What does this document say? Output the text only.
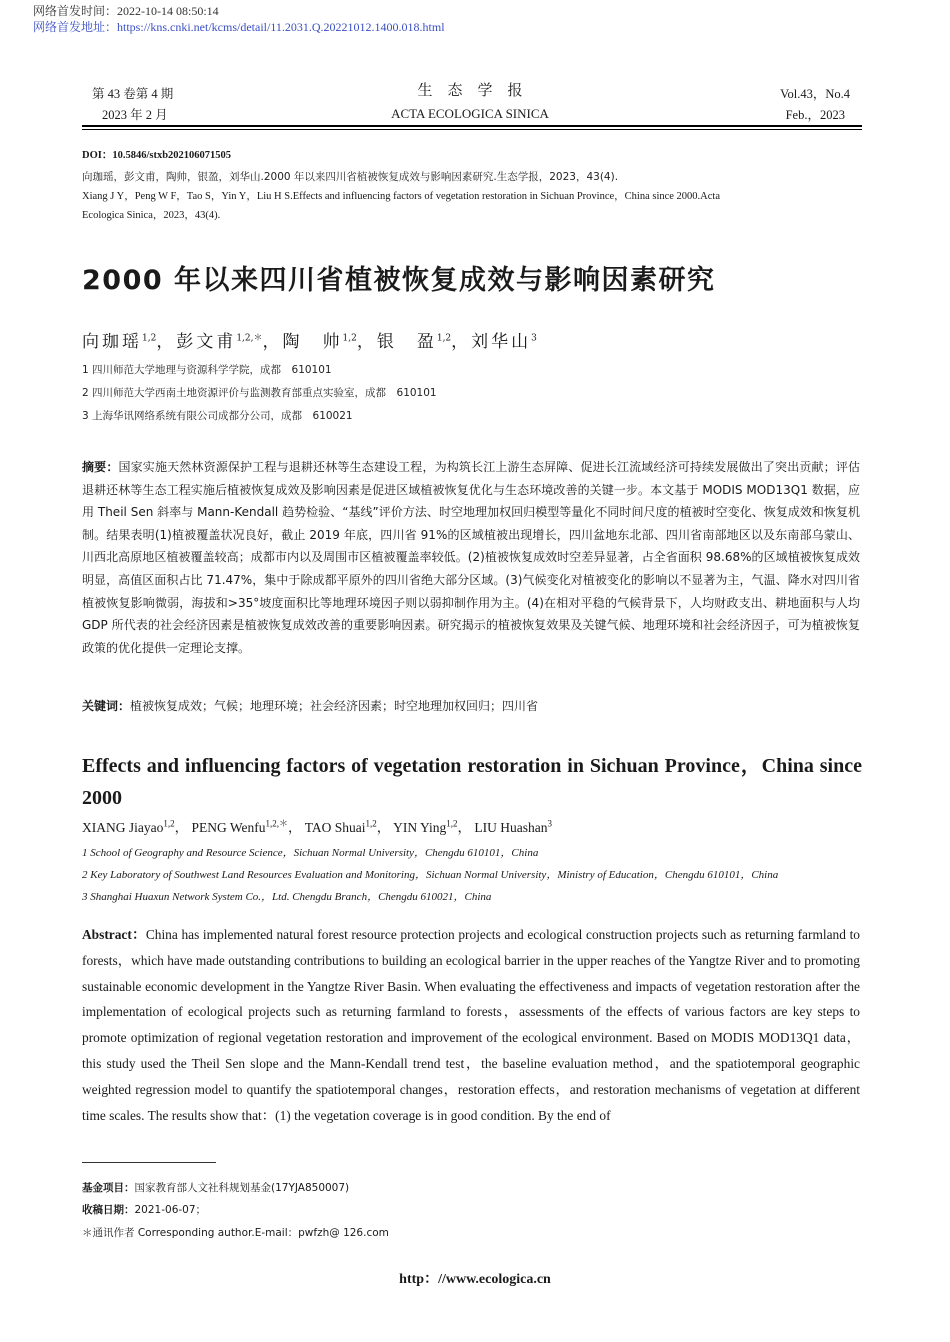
网络首发时间：2022-10-14 08:50:14
网络首发地址：https://kns.cnki.net/kcms/detail/11.2031.Q.20221012.1400.018.html
第 43 卷第 4 期
2023 年 2 月
生　态　学　报
ACTA ECOLOGICA SINICA
Vol.43，No.4
Feb.，2023
DOI：10.5846/stxb202106071505
向珈瑶，彭文甫，陶帅，银盈，刘华山.2000 年以来四川省植被恢复成效与影响因素研究.生态学报，2023，43(4).
Xiang J Y，Peng W F，Tao S，Yin Y，Liu H S.Effects and influencing factors of vegetation restoration in Sichuan Province，China since 2000.Acta
Ecologica Sinica，2023，43(4).
2000 年以来四川省植被恢复成效与影响因素研究
向珈瑶$^{1,2}$，彭文甫$^{1,2,*}$，陶　帅$^{1,2}$，银　盈$^{1,2}$，刘华山$^3$
1 四川师范大学地理与资源科学学院，成都　610101
2 四川师范大学西南土地资源评价与监测教育部重点实验室，成都　610101
3 上海华讯网络系统有限公司成都分公司，成都　610021
摘要：国家实施天然林资源保护工程与退耕还林等生态建设工程，为构筑长江上游生态屏障、促进长江流域经济可持续发展做出了突出贡献；评估退耕还林等生态工程实施后植被恢复成效及影响因素是促进区域植被恢复优化与生态环境改善的关键一步。本文基于 MODIS MOD13Q1 数据，应用 Theil Sen 斜率与 Mann-Kendall 趋势检验、“基线”评价方法、时空地理加权回归模型等量化不同时间尺度的植被时空变化、恢复成效和恢复机制。结果表明(1)植被覆盖状况良好，截止 2019 年底，四川省 91%的区域植被出现增长，四川盆地东北部、四川省南部地区以及东南部乌蒙山、川西北高原地区植被覆盖较高；成都市内以及周围市区植被覆盖率较低。(2)植被恢复成效时空差异显著，占全省面积 98.68%的区域植被恢复成效明显，高值区面积占比 71.47%，集中于除成都平原外的四川省绝大部分区域。(3)气候变化对植被变化的影响以不显著为主，气温、降水对四川省植被恢复影响微弱，海拔和>35°坡度面积比等地理环境因子则以弱抑制作用为主。(4)在相对平稳的气候背景下，人均财政支出、耕地面积与人均 GDP 所代表的社会经济因素是植被恢复成效改善的重要影响因素。研究揭示的植被恢复效果及关键气候、地理环境和社会经济因子，可为植被恢复政策的优化提供一定理论支撑。
关键词：植被恢复成效；气候；地理环境；社会经济因素；时空地理加权回归；四川省
Effects and influencing factors of vegetation restoration in Sichuan Province，China since 2000
XIANG Jiayao$^{1,2}$， PENG Wenfu$^{1,2,*}$， TAO Shuai$^{1,2}$， YIN Ying$^{1,2}$， LIU Huashan$^3$
1 School of Geography and Resource Science，Sichuan Normal University，Chengdu 610101，China
2 Key Laboratory of Southwest Land Resources Evaluation and Monitoring，Sichuan Normal University，Ministry of Education，Chengdu 610101，China
3 Shanghai Huaxun Network System Co.，Ltd. Chengdu Branch，Chengdu 610021，China
Abstract：China has implemented natural forest resource protection projects and ecological construction projects such as returning farmland to forests，which have made outstanding contributions to building an ecological barrier in the upper reaches of the Yangtze River and to promoting sustainable economic development in the Yangtze River Basin. When evaluating the effectiveness and impacts of vegetation restoration after the implementation of ecological projects such as returning farmland to forests，assessments of the effects of various factors are key steps to promote optimization of regional vegetation restoration and improvement of the ecological environment. Based on MODIS MOD13Q1 data，this study used the Theil Sen slope and the Mann-Kendall trend test，the baseline evaluation method，and the spatiotemporal geographic weighted regression model to quantify the spatiotemporal changes，restoration effects，and restoration mechanisms of vegetation at different time scales. The results show that：(1) the vegetation coverage is in good condition. By the end of
基金项目：国家教育部人文社科规划基金(17YJA850007)
收稿日期：2021-06-07；
＊通讯作者 Corresponding author.E-mail：pwfzh@ 126.com
http：//www.ecologica.cn
